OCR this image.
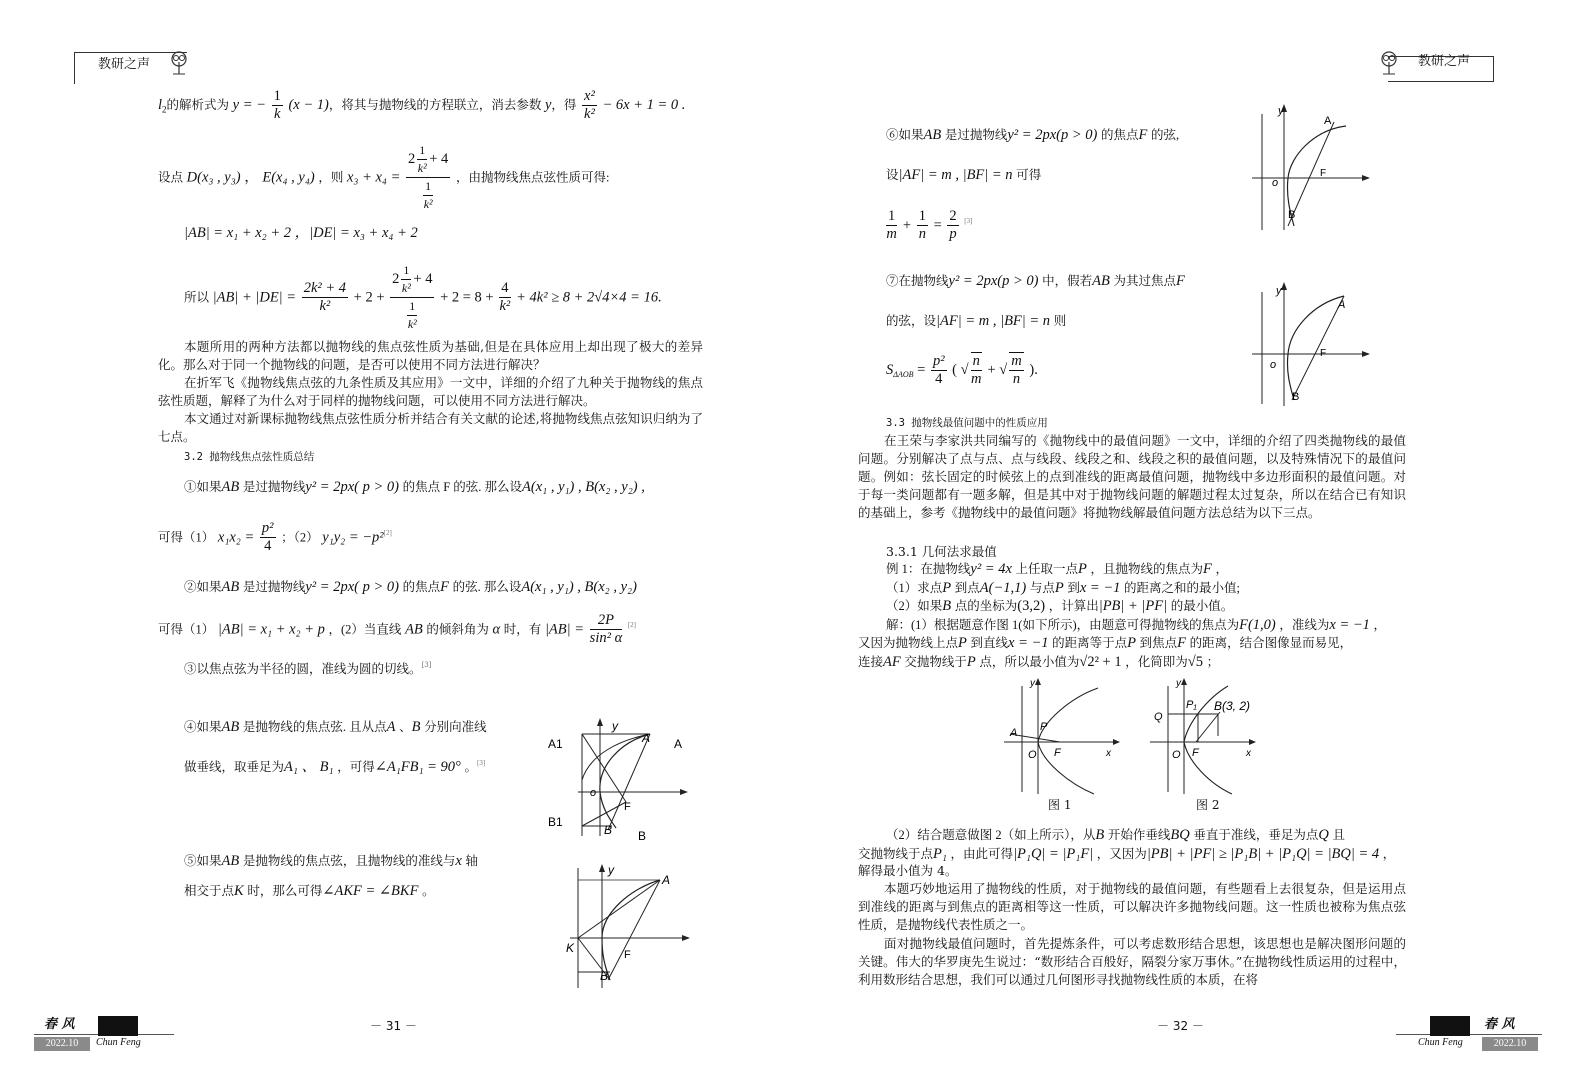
教研之声	教研之声
$l_2$的解析式为 y = − $\frac{1}{k} (x - 1)$，将其与抛物线的方程联立，消去参数 y，得 $\frac{\text{x²}}{\text{k²}} - 6x + 1 = 0$ .
设点 D(x₃ , y₃) ， E(x₄ , y₄) ，则 $x_3 + x_4 = \frac{2 \frac{1}{\text{k²}} + 4}{\frac{1}{\text{k²}}}$ ，由抛物线焦点弦性质可得:
|AB| = x₁ + x₂ + 2 ，|DE| = x₃ + x₄ + 2
所以 $|AB| + |DE| = \frac{\text{2k² + 4}}{\text{k²}} + 2 + \frac{2 \frac{1}{\text{k²}} + 4}{\frac{1}{\text{k²}}} + 2 = 8 + \frac{4}{\text{k²}} + 4k^2 \ge 8 + 2√4\times 4 = 16$.
本题所用的两种方法都以抛物线的焦点弦性质为基础,但是在具体应用上却出现了极大的差异化。那么对于同一个抛物线的问题，是否可以使用不同方法进行解决？
在折军飞《抛物线焦点弦的九条性质及其应用》一文中，详细的介绍了九种关于抛物线的焦点弦性质题，解释了为什么对于同样的抛物线问题，可以使用不同方法进行解决。
本文通过对新课标抛物线焦点弦性质分析并结合有关文献的论述,将抛物线焦点弦知识归纳为了七点。
3.2 抛物线焦点弦性质总结
①如果AB 是过抛物线y² = 2px( p > 0) 的焦点 F 的弦. 那么设A(x₁ , y₁) , B(x₂ , y₂) ,
可得（1） $x_1x_2 = \frac{\text{p²}}{4}$ ；（2） y₁y₂ = −p²[2]
②如果AB 是过抛物线y² = 2px( p > 0) 的焦点F 的弦. 那么设A(x₁ , y₁) , B(x₂ , y₂)
可得（1） |AB| = x₁ + x₂ + p ，(2）当直线 AB 的倾斜角为 α 时，有 $|AB| = \frac{2P}{\text{sin² α}} [2]$
③以焦点弦为半径的圆，准线为圆的切线。[3]
④如果AB 是抛物线的焦点弦. 且从点A 、B 分别向准线
做垂线，取垂足为A₁ 、 B₁ ，可得∠A₁FB₁ = 90° 。[3]
⑤如果AB 是抛物线的焦点弦，且抛物线的准线与x 轴
相交于点K 时，那么可得∠AKF = ∠BKF 。
A1	A
A
B1
B
B
o
F
y
y
A
K
B
F
⑥如果AB 是过抛物线y² = 2px(p > 0) 的焦点F 的弦,
设|AF| = m , |BF| = n 可得
$\frac{1}{m} + \frac{1}{n} = \frac{2}{p} [3]$
⑦在抛物线y² = 2px(p > 0) 中，假若AB 为其过焦点F
的弦，设|AF| = m , |BF| = n 则
$S_{\Delta AOB} = \frac{\text{p²}}{4}$ ( √ $\frac{n}{m}$ + √ $\frac{m}{n}$ ).
y
A
o
F
B
y
A
o
F
B
3.3 抛物线最值问题中的性质应用
在王荣与李家洪共同编写的《抛物线中的最值问题》一文中，详细的介绍了四类抛物线的最值问题。分别解决了点与点、点与线段、线段之和、线段之积的最值问题，以及特殊情况下的最值问题。例如：弦长固定的时候弦上的点到准线的距离最值问题，抛物线中多边形面积的最值问题。对于每一类问题都有一题多解，但是其中对于抛物线问题的解题过程太过复杂，所以在结合已有知识的基础上，参考《抛物线中的最值问题》将抛物线解最值问题方法总结为以下三点。
3.3.1 几何法求最值
例 1：在抛物线y² = 4x 上任取一点P ，且抛物线的焦点为F ，
（1）求点P 到点A(−1,1) 与点P 到x = −1 的距离之和的最小值;
（2）如果B 点的坐标为(3,2) ，计算出|PB| + |PF| 的最小值。
解：(1）根据题意作图 1(如下所示)，由题意可得抛物线的焦点为F(1,0) ，准线为x = −1 ，
又因为抛物线上点P 到直线x = −1 的距离等于点P 到焦点F 的距离，结合图像显而易见，
连接AF 交抛物线于P 点，所以最小值为√2² + 1 ，化简即为√5 ；
y
A P
O F	x
图 1
y
P₁ B(3, 2)
Q
O F	x
图 2
（2）结合题意做图 2（如上所示），从B 开始作垂线BQ 垂直于准线，垂足为点Q 且
交抛物线于点P₁ ，由此可得|P₁Q| = |P₁F| ，又因为|PB| + |PF| ≥ |P₁B| + |P₁Q| = |BQ| = 4 ，
解得最小值为 4。
本题巧妙地运用了抛物线的性质，对于抛物线的最值问题，有些题看上去很复杂，但是运用点到准线的距离与到焦点的距离相等这一性质，可以解决许多抛物线问题。这一性质也被称为焦点弦性质，是抛物线代表性质之一。
面对抛物线最值问题时，首先提炼条件，可以考虑数形结合思想，该思想也是解决图形问题的关键。伟大的华罗庚先生说过：“数形结合百般好，隔裂分家万事休。”在抛物线性质运用的过程中，利用数形结合思想，我们可以通过几何图形寻找抛物线性质的本质，在将
春 风
2022.10	Chun Feng
－ 31 －	－ 32 －	春 风
Chun Feng	2022.10
